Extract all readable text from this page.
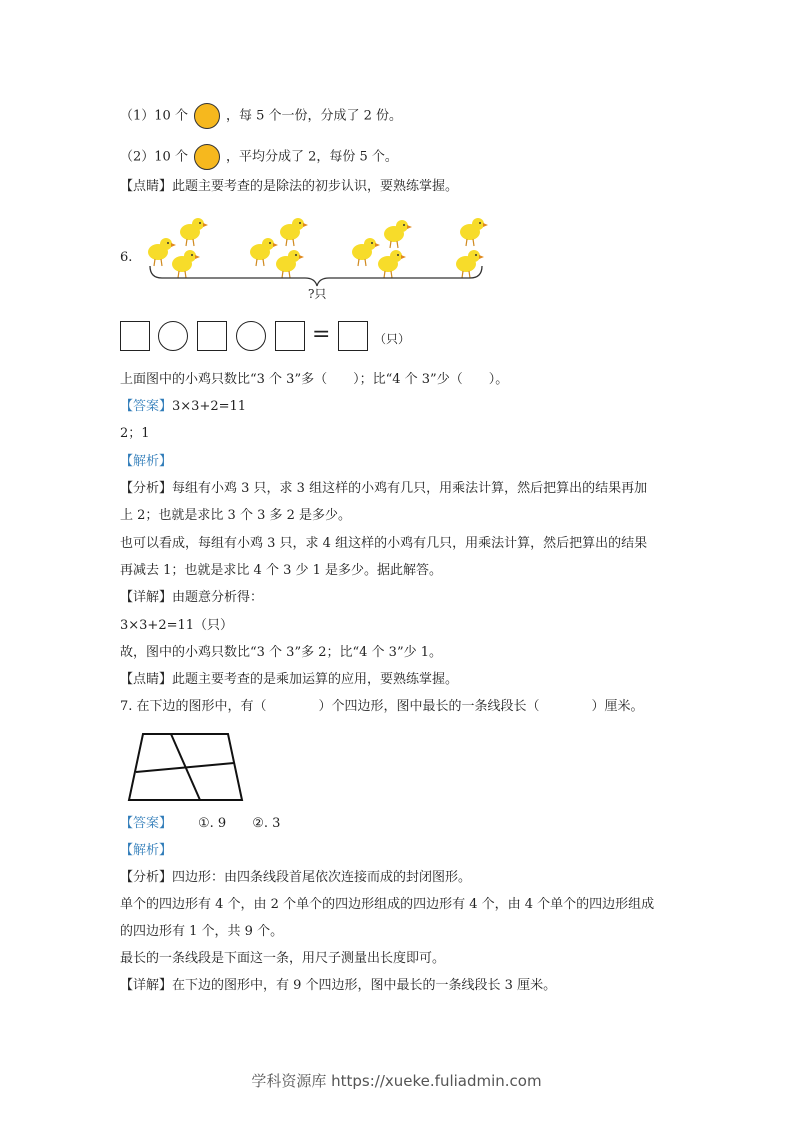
（1）10 个	，每 5 个一份，分成了 2 份。
（2）10 个	，平均分成了 2，每份 5 个。
【点睛】此题主要考查的是除法的初步认识，要熟练掌握。
6.
?只
=	（只）
上面图中的小鸡只数比“3 个 3”多（　　）；比“4 个 3”少（　　）。
【答案】3×3+2=11
2；1
【解析】
【分析】每组有小鸡 3 只，求 3 组这样的小鸡有几只，用乘法计算，然后把算出的结果再加
上 2；也就是求比 3 个 3 多 2 是多少。
也可以看成，每组有小鸡 3 只，求 4 组这样的小鸡有几只，用乘法计算，然后把算出的结果
再减去 1；也就是求比 4 个 3 少 1 是多少。据此解答。
【详解】由题意分析得：
3×3+2=11（只）
故，图中的小鸡只数比“3 个 3”多 2；比“4 个 3”少 1。
【点睛】此题主要考查的是乘加运算的应用，要熟练掌握。
7. 在下边的图形中，有（　　　　）个四边形，图中最长的一条线段长（　　　　）厘米。
【答案】 ①. 9　　②. 3
【解析】
【分析】四边形：由四条线段首尾依次连接而成的封闭图形。
单个的四边形有 4 个，由 2 个单个的四边形组成的四边形有 4 个，由 4 个单个的四边形组成
的四边形有 1 个，共 9 个。
最长的一条线段是下面这一条，用尺子测量出长度即可。
【详解】在下边的图形中，有 9 个四边形，图中最长的一条线段长 3 厘米。
学科资源库 https://xueke.fuliadmin.com
